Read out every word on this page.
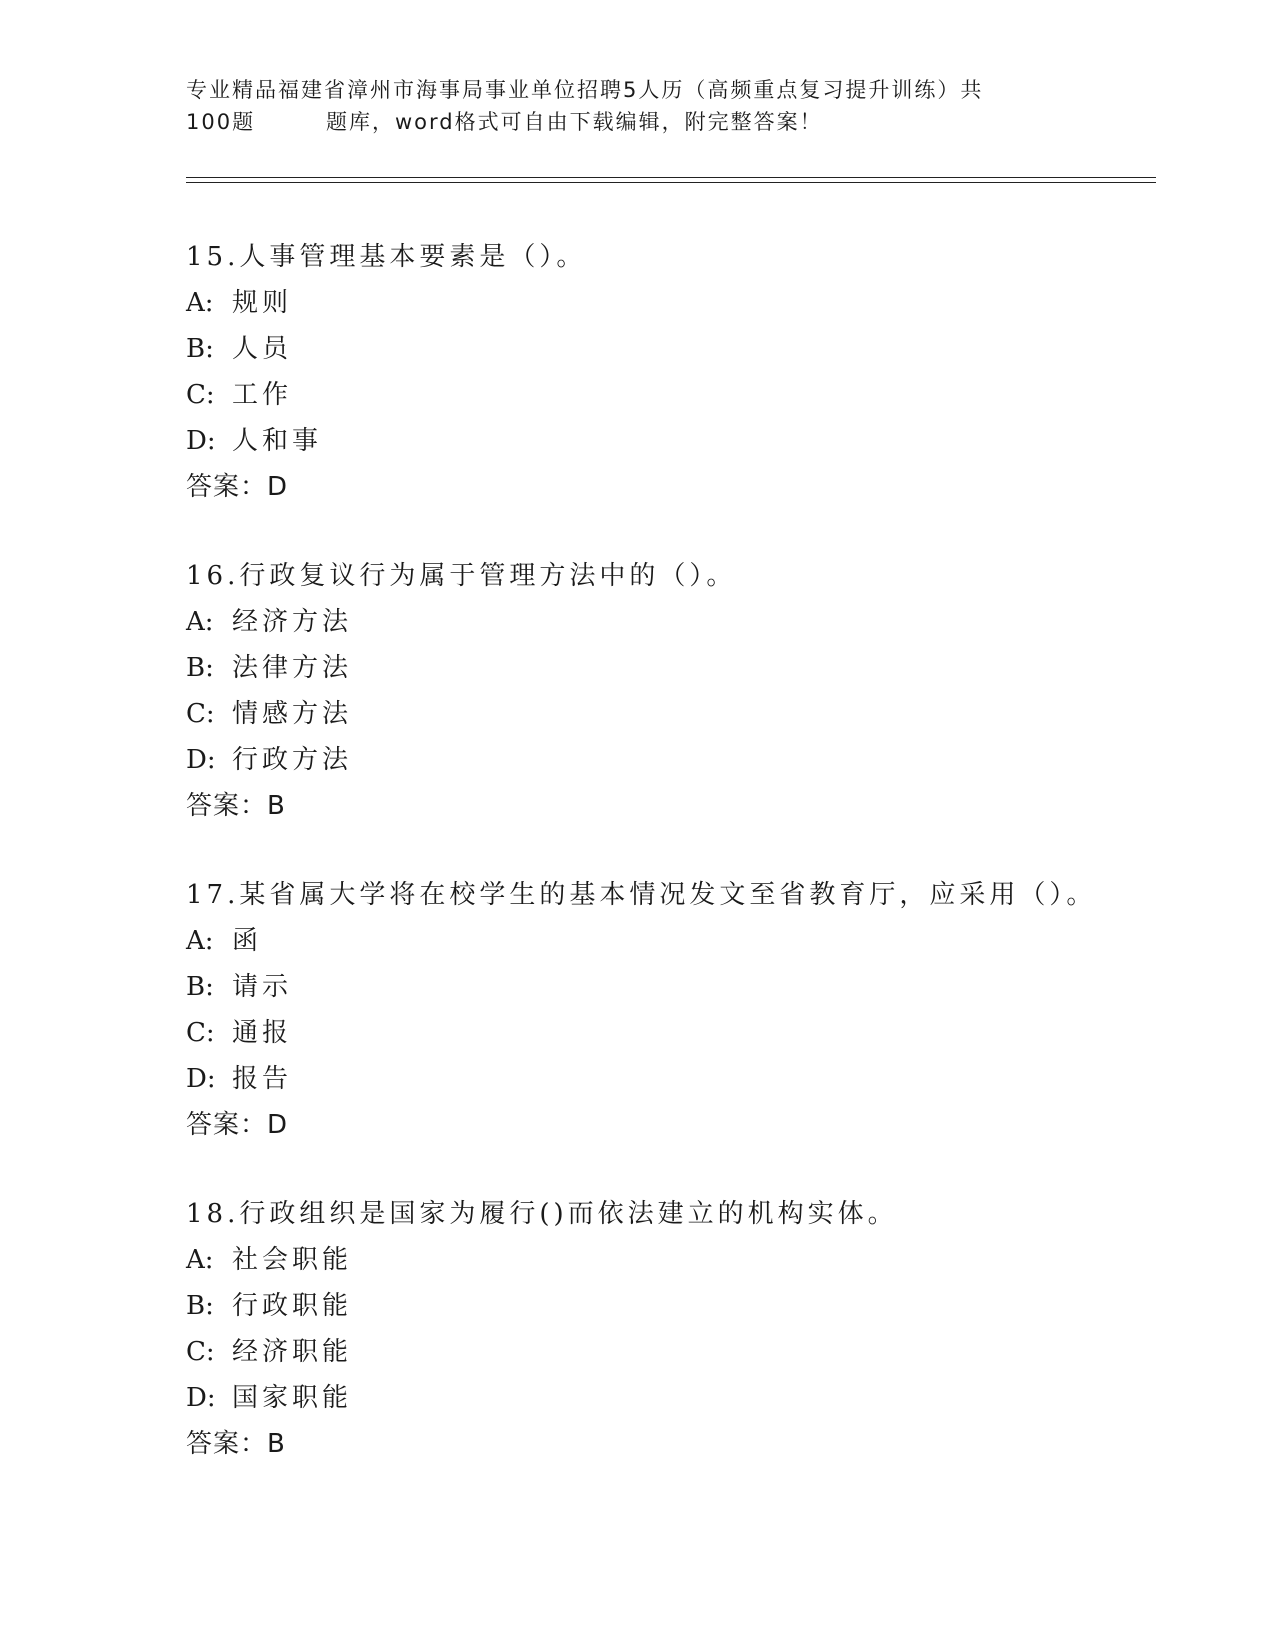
专业精品福建省漳州市海事局事业单位招聘5人历（高频重点复习提升训练）共
100题	题库，word格式可自由下载编辑，附完整答案！
15.人事管理基本要素是（）。
A: 规则
B: 人员
C: 工作
D: 人和事
答案：D
16.行政复议行为属于管理方法中的（）。
A: 经济方法
B: 法律方法
C: 情感方法
D: 行政方法
答案：B
17.某省属大学将在校学生的基本情况发文至省教育厅，应采用（）。
A: 函
B: 请示
C: 通报
D: 报告
答案：D
18.行政组织是国家为履行()而依法建立的机构实体。
A: 社会职能
B: 行政职能
C: 经济职能
D: 国家职能
答案：B
